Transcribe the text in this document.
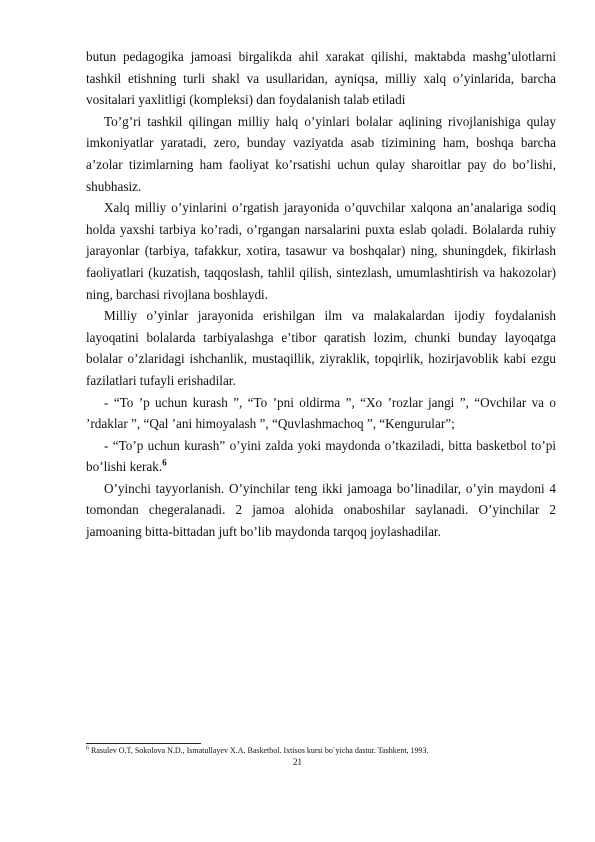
butun pedagogika jamoasi birgalikda ahil xarakat qilishi, maktabda mashg’ulotlarni tashkil etishning turli shakl va usullaridan, ayniqsa, milliy xalq o’yinlarida, barcha vositalari yaxlitligi (kompleksi) dan foydalanish talab etiladi

To’g’ri tashkil qilingan milliy halq o’yinlari bolalar aqlining rivojlanishiga qulay imkoniyatlar yaratadi, zero, bunday vaziyatda asab tizimining ham, boshqa barcha a’zolar tizimlarning ham faoliyat ko’rsatishi uchun qulay sharoitlar pay do bo’lishi, shubhasiz.

Xalq milliy o’yinlarini o’rgatish jarayonida o’quvchilar xalqona an’analariga sodiq holda yaxshi tarbiya ko’radi, o’rgangan narsalarini puxta eslab qoladi. Bolalarda ruhiy jarayonlar (tarbiya, tafakkur, xotira, tasawur va boshqalar) ning, shuningdek, fikirlash faoliyatlari (kuzatish, taqqoslash, tahlil qilish, sintezlash, umumlashtirish va hakozolar) ning, barchasi rivojlana boshlaydi.

Milliy o’yinlar jarayonida erishilgan ilm va malakalardan ijodiy foydalanish layoqatini bolalarda tarbiyalashga e’tibor qaratish lozim, chunki bunday layoqatga bolalar o’zlaridagi ishchanlik, mustaqillik, ziyraklik, topqirlik, hozirjavoblik kabi ezgu fazilatlari tufayli erishadilar.

- “To ’p uchun kurash ”, “To ’pni oldirma ”, “Xo ’rozlar jangi ”, “Ovchilar va o ’rdaklar ”, “Qal ’ani himoyalash ”, “Quvlashmachoq ”, “Kengurular”;

- “To’p uchun kurash” o’yini zalda yoki maydonda o’tkaziladi, bitta basketbol to’pi bo’lishi kerak.$^6$

O’yinchi tayyorlanish. O’yinchilar teng ikki jamoaga bo’linadilar, o’yin maydoni 4 tomondan chegeralanadi. 2 jamoa alohida onaboshilar saylanadi. O’yinchilar 2 jamoaning bitta-bittadan juft bo’lib maydonda tarqoq joylashadilar.

$^6$ Rasulev O.T, Sokolova N.D., Ismatullayev X.A. Basketbol. Ixtisos kursi bo`yicha dastur. Tashkent, 1993.

21
